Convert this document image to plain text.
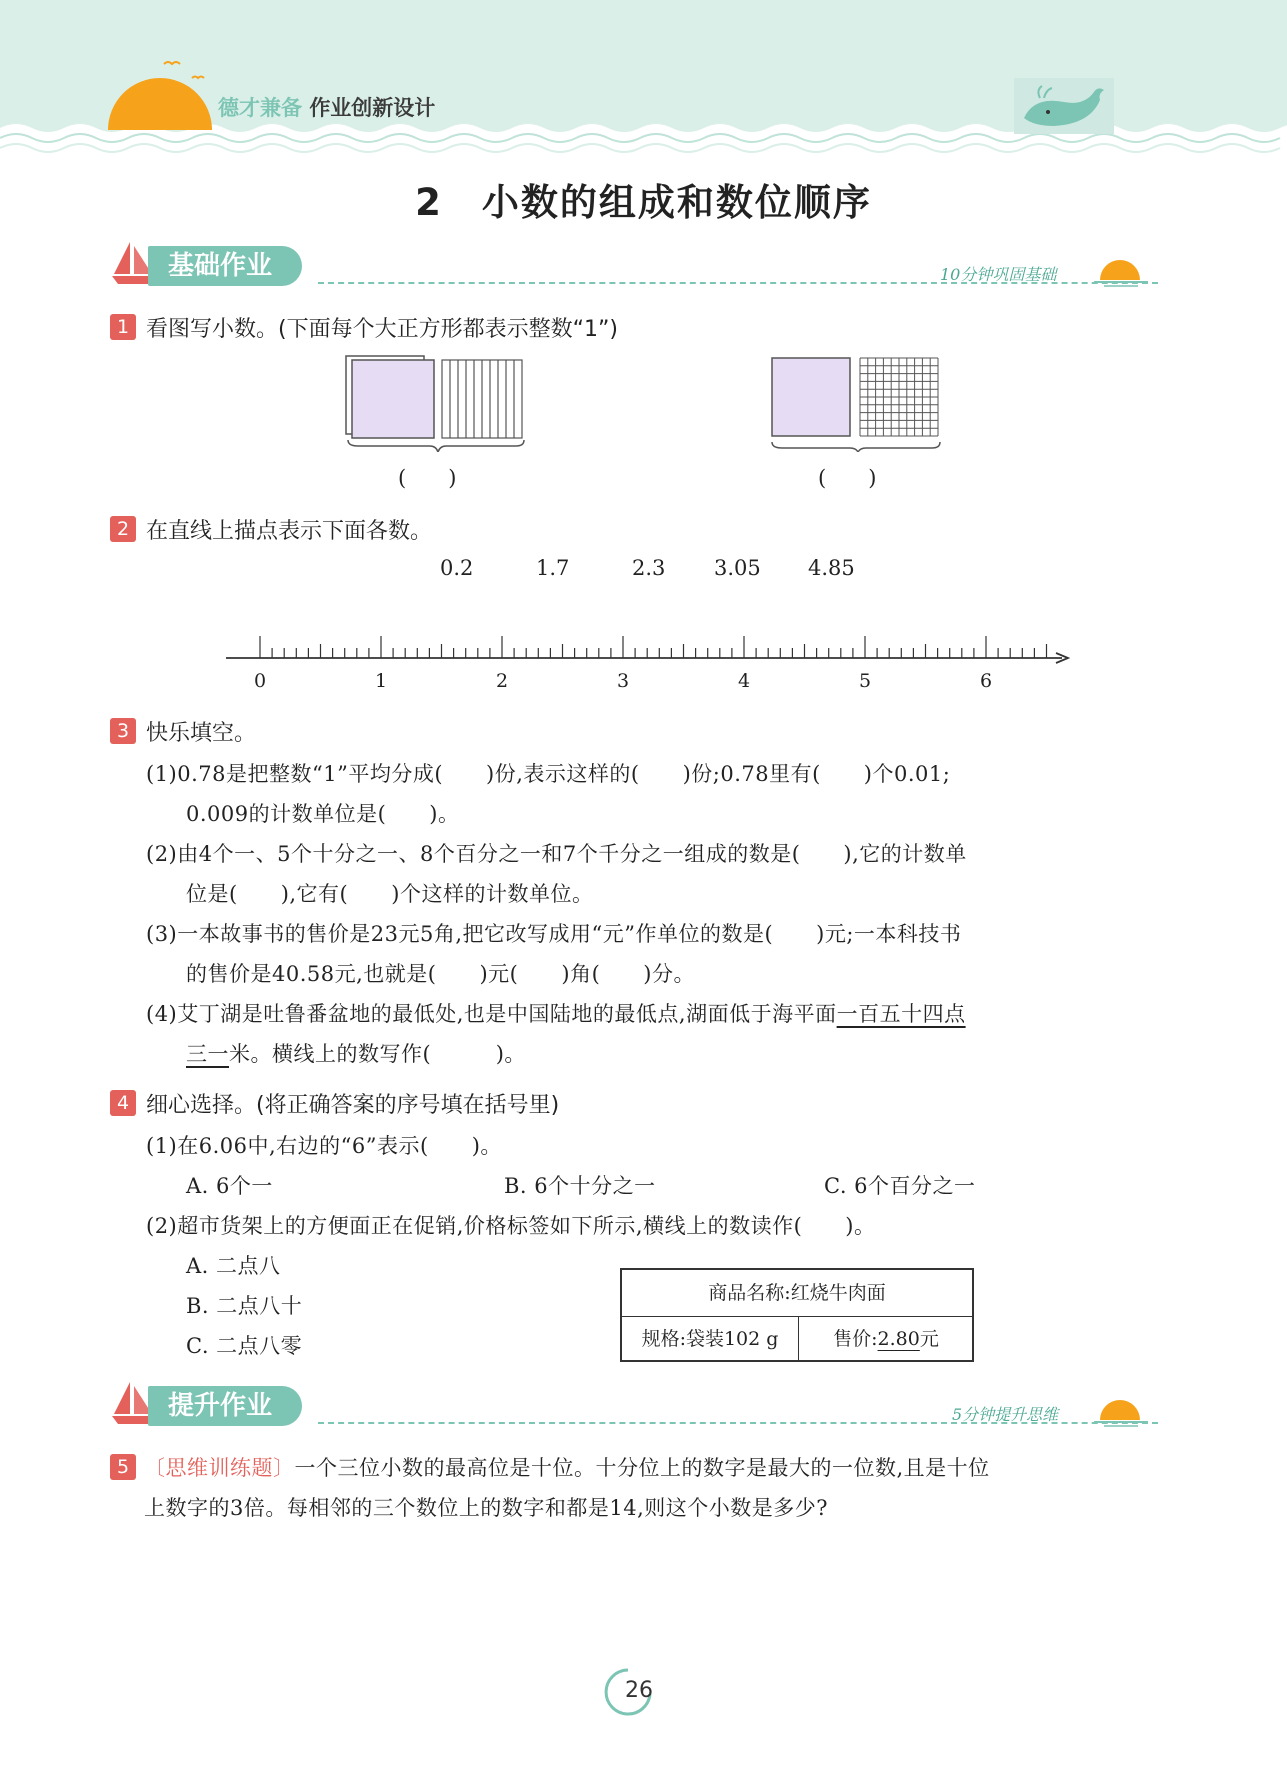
德才兼备 作业创新设计
2　小数的组成和数位顺序
基础作业	10分钟巩固基础
1 看图写小数。(下面每个大正方形都表示整数“1”)
(　　)	(　　)
2 在直线上描点表示下面各数。
0.2	1.7	2.3 3.05 4.85
0	1	2	3	4	5	6
3 快乐填空。
(1)0.78是把整数“1”平均分成(　　)份,表示这样的(　　)份;0.78里有(　　)个0.01;
0.009的计数单位是(　　)。
(2)由4个一、5个十分之一、8个百分之一和7个千分之一组成的数是(　　),它的计数单
位是(　　),它有(　　)个这样的计数单位。
(3)一本故事书的售价是23元5角,把它改写成用“元”作单位的数是(　　)元;一本科技书
的售价是40.58元,也就是(　　)元(　　)角(　　)分。
(4)艾丁湖是吐鲁番盆地的最低处,也是中国陆地的最低点,湖面低于海平面一百五十四点
三一米。横线上的数写作(　　　)。
4 细心选择。(将正确答案的序号填在括号里)
(1)在6.06中,右边的“6”表示(　　)。
A. 6个一	B. 6个十分之一	C. 6个百分之一
(2)超市货架上的方便面正在促销,价格标签如下所示,横线上的数读作(　　)。
A. 二点八
B. 二点八十
C. 二点八零
商品名称:红烧牛肉面
规格:袋装102 g	售价:2.80元
提升作业	5分钟提升思维
5 〔思维训练题〕一个三位小数的最高位是十位。十分位上的数字是最大的一位数,且是十位
上数字的3倍。每相邻的三个数位上的数字和都是14,则这个小数是多少?
26
